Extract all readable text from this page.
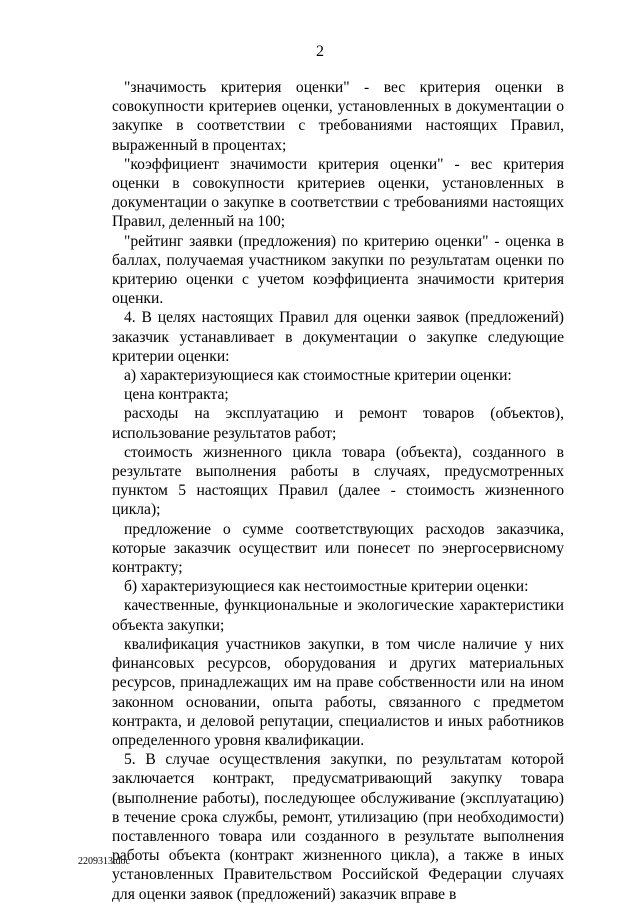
2

"значимость критерия оценки" - вес критерия оценки в совокупности критериев оценки, установленных в документации о закупке в соответствии с требованиями настоящих Правил, выраженный в процентах;

"коэффициент значимости критерия оценки" - вес критерия оценки в совокупности критериев оценки, установленных в документации о закупке в соответствии с требованиями настоящих Правил, деленный на 100;

"рейтинг заявки (предложения) по критерию оценки" - оценка в баллах, получаемая участником закупки по результатам оценки по критерию оценки с учетом коэффициента значимости критерия оценки.

4. В целях настоящих Правил для оценки заявок (предложений) заказчик устанавливает в документации о закупке следующие критерии оценки:

а) характеризующиеся как стоимостные критерии оценки:

цена контракта;

расходы на эксплуатацию и ремонт товаров (объектов), использование результатов работ;

стоимость жизненного цикла товара (объекта), созданного в результате выполнения работы в случаях, предусмотренных пунктом 5 настоящих Правил (далее - стоимость жизненного цикла);

предложение о сумме соответствующих расходов заказчика, которые заказчик осуществит или понесет по энергосервисному контракту;

б) характеризующиеся как нестоимостные критерии оценки:

качественные, функциональные и экологические характеристики объекта закупки;

квалификация участников закупки, в том числе наличие у них финансовых ресурсов, оборудования и других материальных ресурсов, принадлежащих им на праве собственности или на ином законном основании, опыта работы, связанного с предметом контракта, и деловой репутации, специалистов и иных работников определенного уровня квалификации.

5. В случае осуществления закупки, по результатам которой заключается контракт, предусматривающий закупку товара (выполнение работы), последующее обслуживание (эксплуатацию) в течение срока службы, ремонт, утилизацию (при необходимости) поставленного товара или созданного в результате выполнения работы объекта (контракт жизненного цикла), а также в иных установленных Правительством Российской Федерации случаях для оценки заявок (предложений) заказчик вправе в

2209313.doc
